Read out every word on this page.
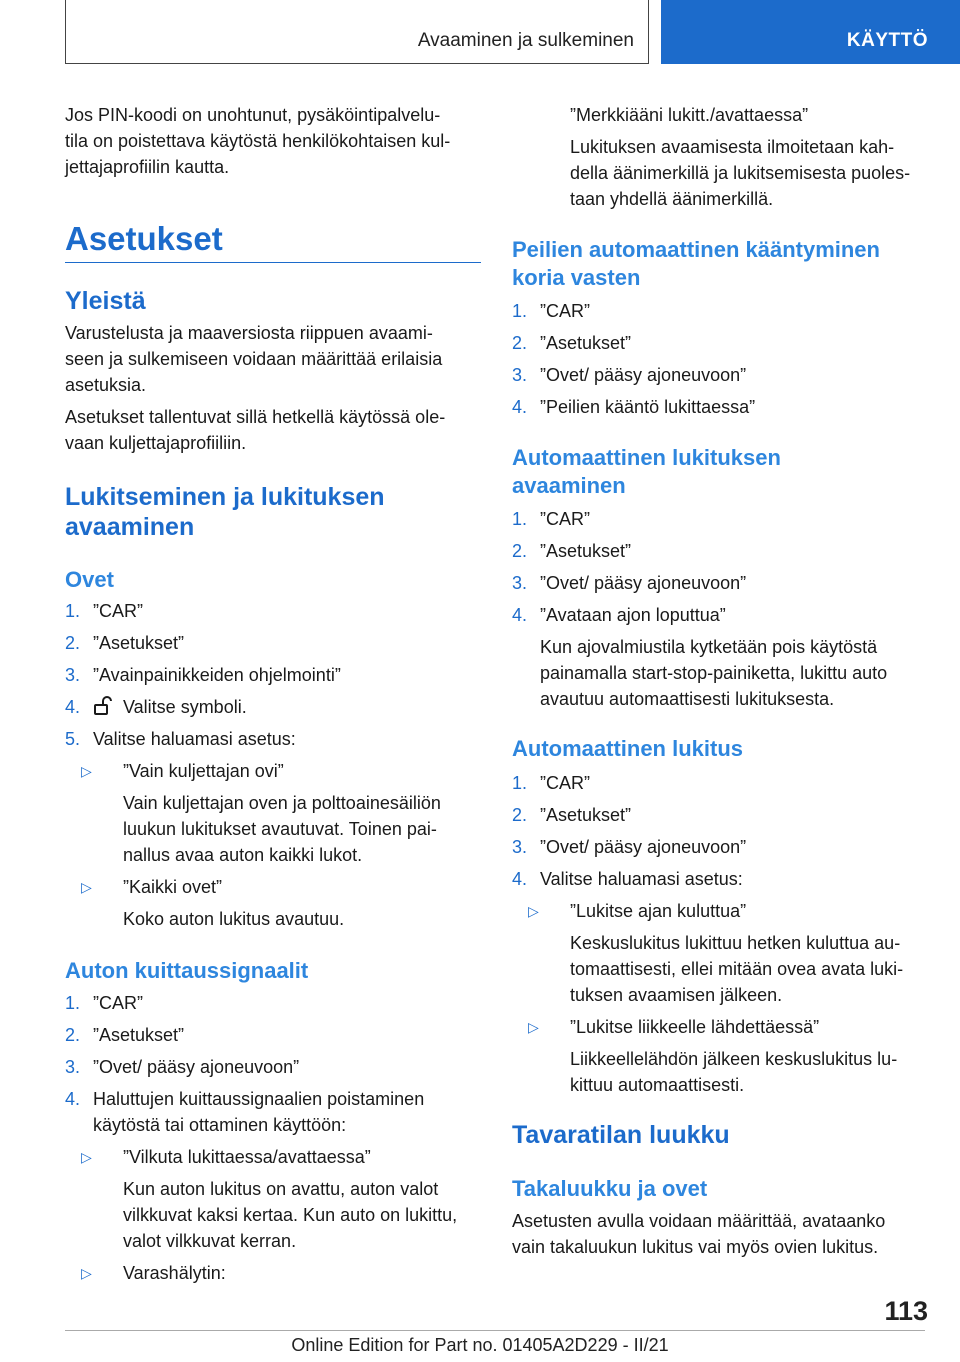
Avaaminen ja sulkeminen	KÄYTTÖ

Jos PIN-koodi on unohtunut, pysäköintipalvelu-

tila on poistettava käytöstä henkilökohtaisen kul-

jettajaprofiilin kautta.

Asetukset
Yleistä

Varustelusta ja maaversiosta riippuen avaami-

seen ja sulkemiseen voidaan määrittää erilaisia

asetuksia.

Asetukset tallentuvat sillä hetkellä käytössä ole-

vaan kuljettajaprofiiliin.

Lukitseminen ja lukituksen
avaaminen
Ovet
1. ”CAR”
2. ”Asetukset”
3. ”Avainpainikkeiden ohjelmointi”
4. Valitse symboli.
5. Valitse haluamasi asetus:
▷ ”Vain kuljettajan ovi”

Vain kuljettajan oven ja polttoainesäiliön

luukun lukitukset avautuvat. Toinen pai-

nallus avaa auton kaikki lukot.

▷ ”Kaikki ovet”

Koko auton lukitus avautuu.

Auton kuittaussignaalit
1. ”CAR”
2. ”Asetukset”
3. ”Ovet/ pääsy ajoneuvoon”
4. Haluttujen kuittaussignaalien poistaminen
käytöstä tai ottaminen käyttöön:
▷ ”Vilkuta lukittaessa/avattaessa”

Kun auton lukitus on avattu, auton valot

vilkkuvat kaksi kertaa. Kun auto on lukittu,

valot vilkkuvat kerran.

▷ Varashälytin:

”Merkkiääni lukitt./avattaessa”

Lukituksen avaamisesta ilmoitetaan kah-

della äänimerkillä ja lukitsemisesta puoles-

taan yhdellä äänimerkillä.

Peilien automaattinen kääntyminen
koria vasten
1. ”CAR”
2. ”Asetukset”
3. ”Ovet/ pääsy ajoneuvoon”
4. ”Peilien kääntö lukittaessa”
Automaattinen lukituksen
avaaminen
1. ”CAR”
2. ”Asetukset”
3. ”Ovet/ pääsy ajoneuvoon”
4. ”Avataan ajon loputtua”

Kun ajovalmiustila kytketään pois käytöstä

painamalla start-stop-painiketta, lukittu auto

avautuu automaattisesti lukituksesta.

Automaattinen lukitus
1. ”CAR”
2. ”Asetukset”
3. ”Ovet/ pääsy ajoneuvoon”
4. Valitse haluamasi asetus:
▷ ”Lukitse ajan kuluttua”

Keskuslukitus lukittuu hetken kuluttua au-

tomaattisesti, ellei mitään ovea avata luki-

tuksen avaamisen jälkeen.

▷ ”Lukitse liikkeelle lähdettäessä”

Liikkeellelähdön jälkeen keskuslukitus lu-

kittuu automaattisesti.

Tavaratilan luukku
Takaluukku ja ovet

Asetusten avulla voidaan määrittää, avataanko

vain takaluukun lukitus vai myös ovien lukitus.

113
Online Edition for Part no. 01405A2D229 - II/21
